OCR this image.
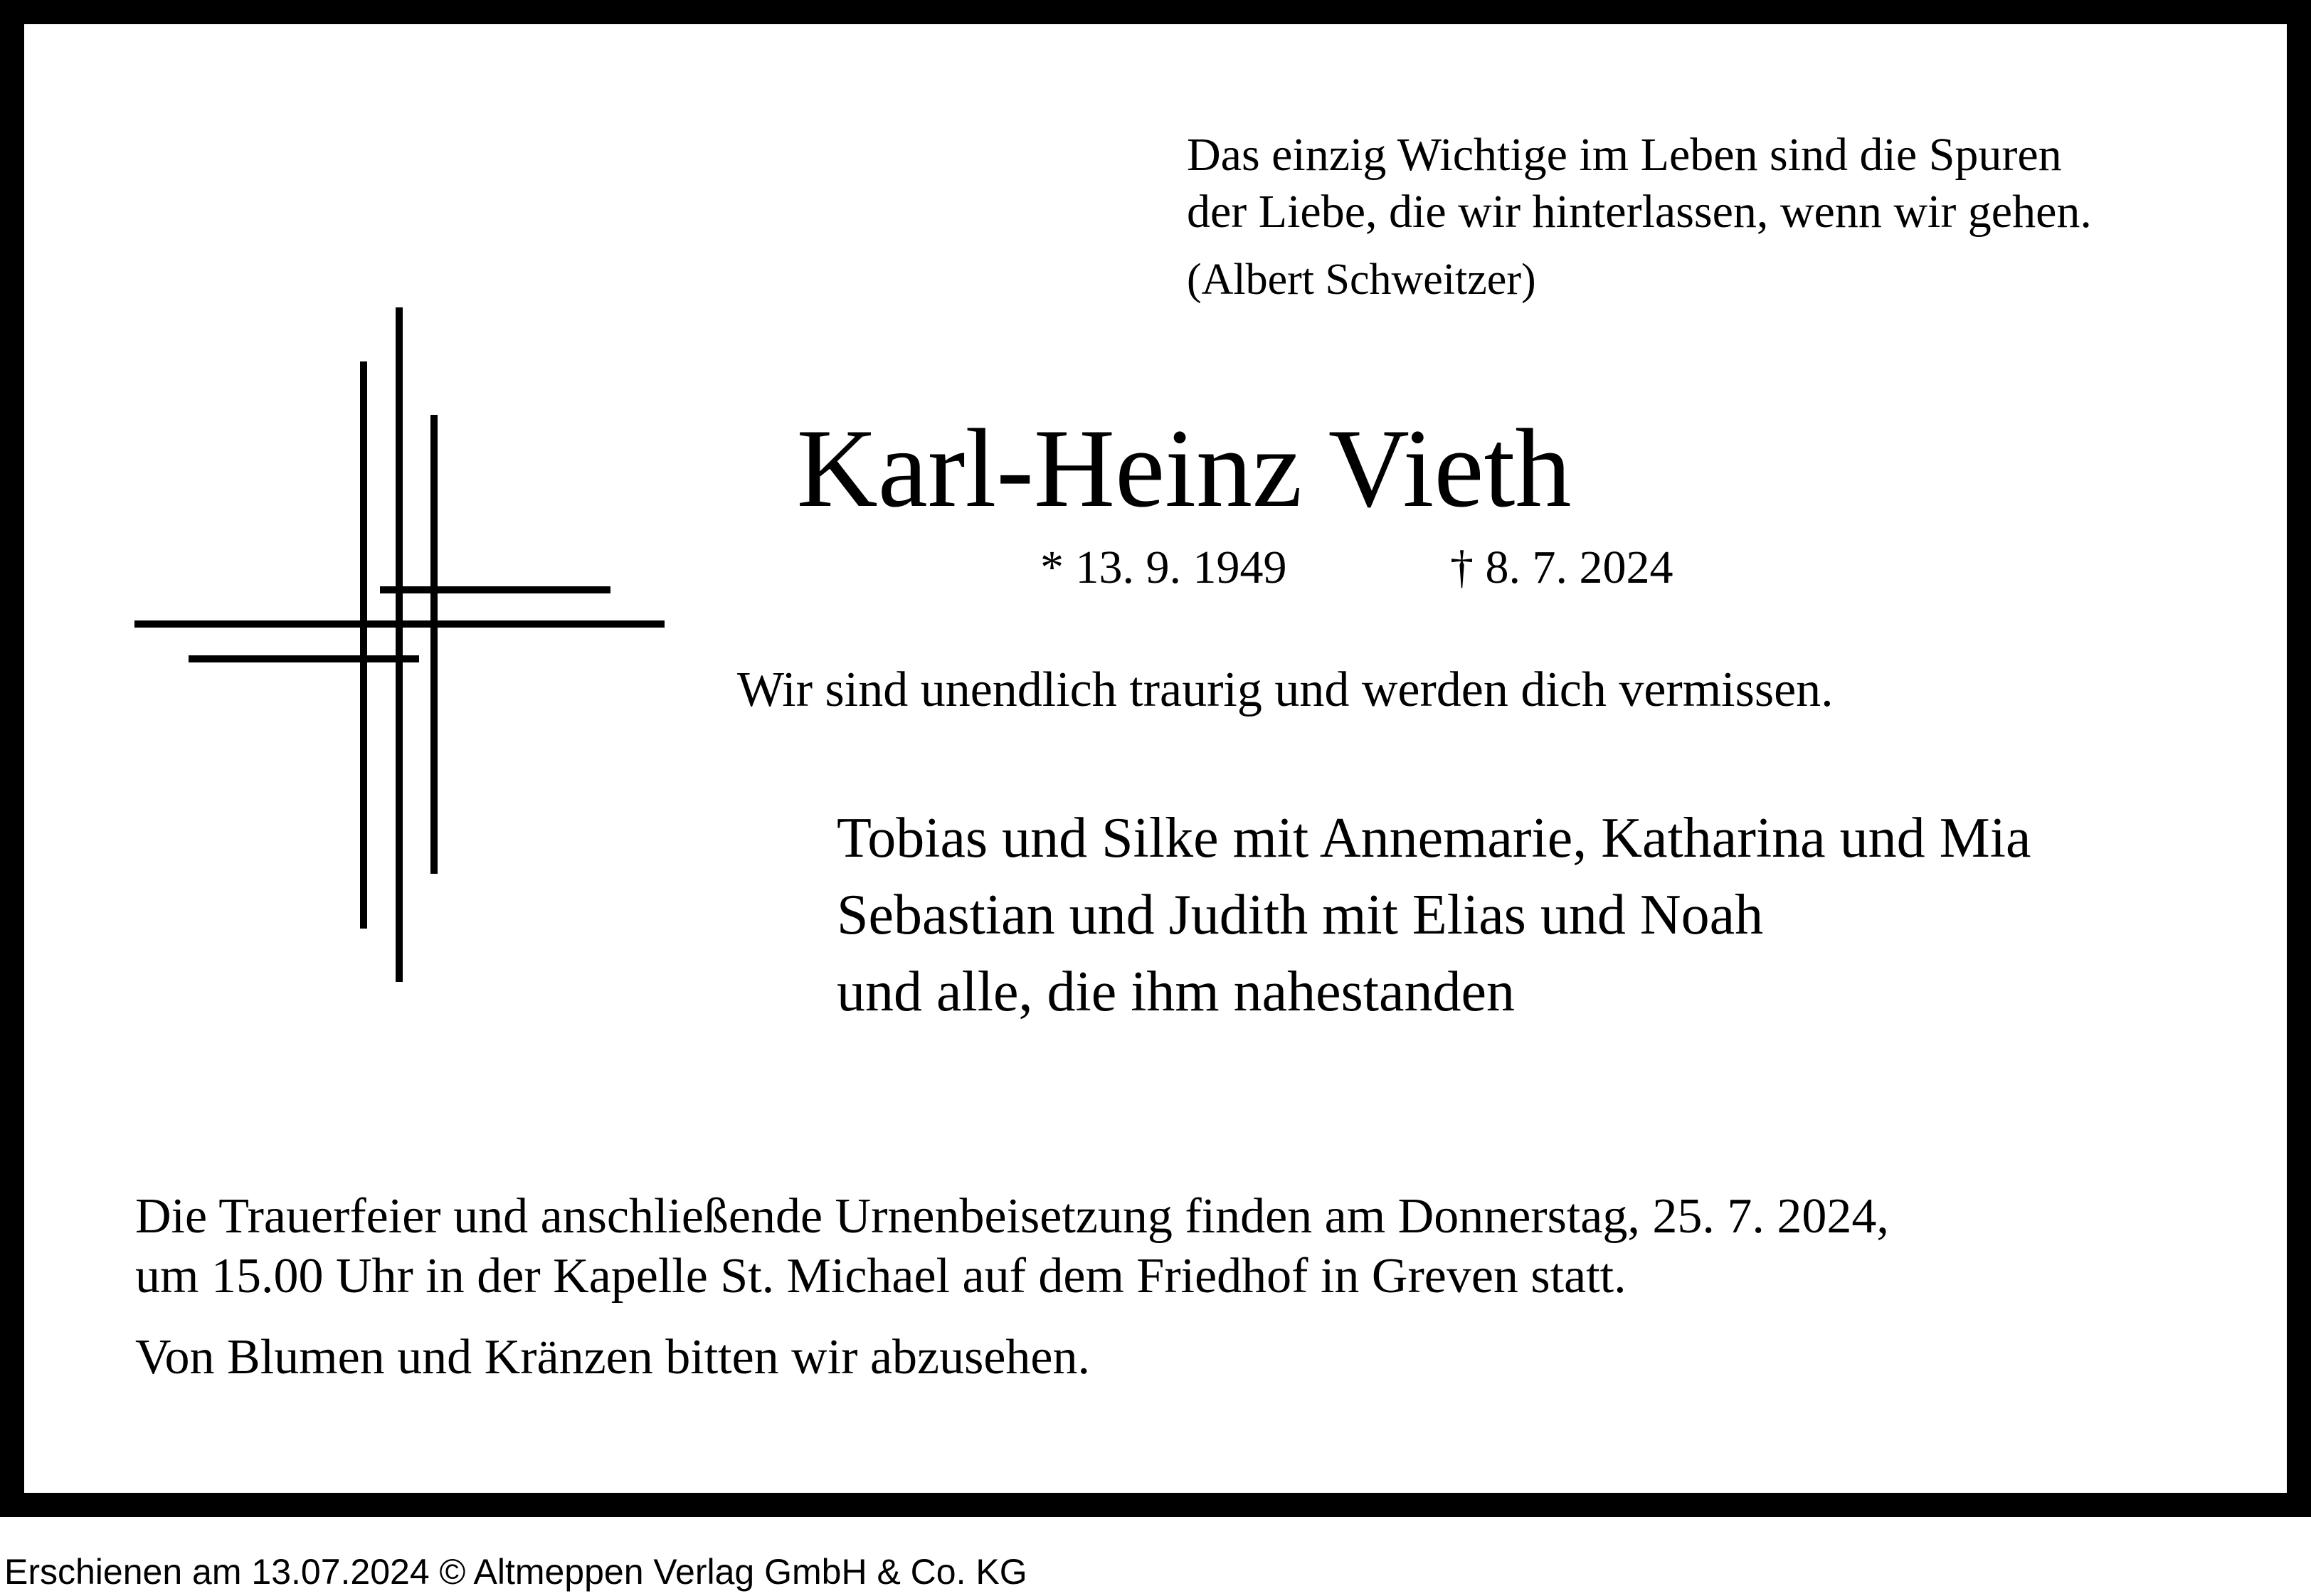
Das einzig Wichtige im Leben sind die Spuren
der Liebe, die wir hinterlassen, wenn wir gehen.
(Albert Schweitzer)
Karl-Heinz Vieth
* 13. 9. 1949	† 8. 7. 2024
Wir sind unendlich traurig und werden dich vermissen.
Tobias und Silke mit Annemarie, Katharina und Mia
Sebastian und Judith mit Elias und Noah
und alle, die ihm nahestanden
Die Trauerfeier und anschließende Urnenbeisetzung finden am Donnerstag, 25. 7. 2024,
um 15.00 Uhr in der Kapelle St. Michael auf dem Friedhof in Greven statt.
Von Blumen und Kränzen bitten wir abzusehen.
Erschienen am 13.07.2024 © Altmeppen Verlag GmbH & Co. KG
